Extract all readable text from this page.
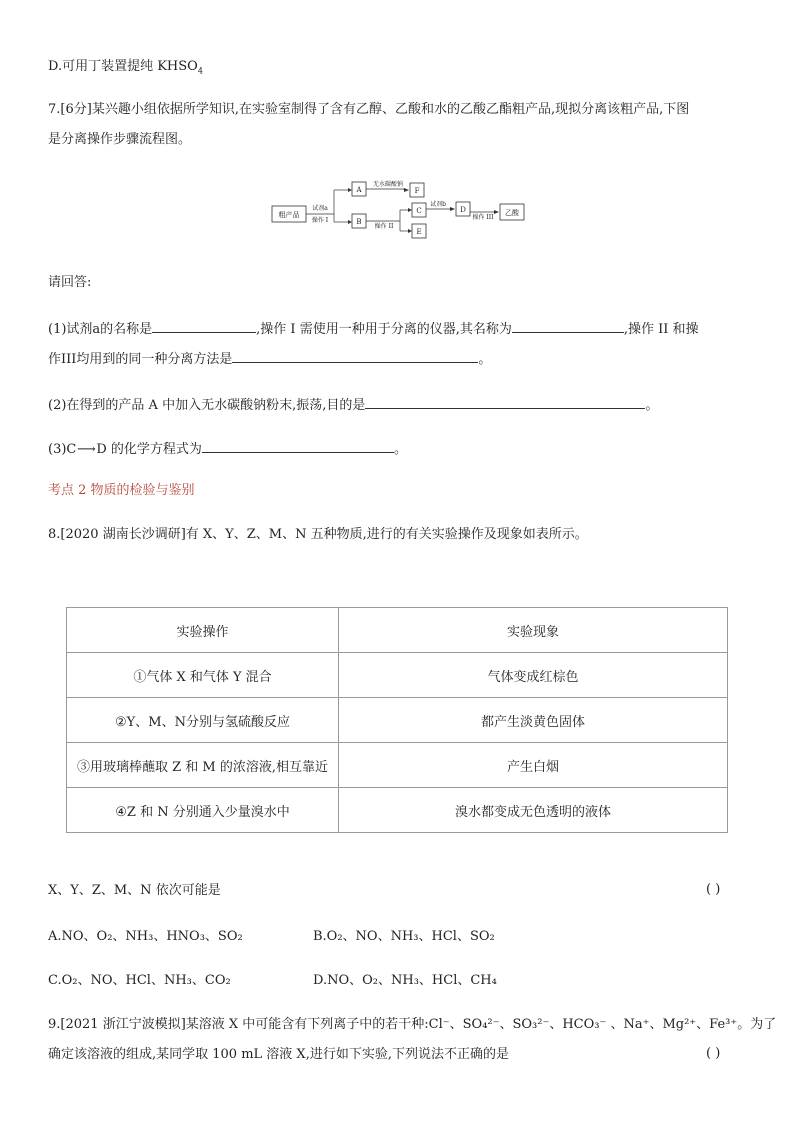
D.可用丁装置提纯 $KHSO_4$
7.[6分]某兴趣小组依据所学知识,在实验室制得了含有乙醇、乙酸和水的乙酸乙酯粗产品,现拟分离该粗产品,下图
是分离操作步骤流程图。
粗产品
试剂a
操作 I
A
B
无水碳酸钠
F
操作 II
C
E
试剂b
D
操作 III
乙酸
请回答:
(1)试剂a的名称是	,操作 I 需使用一种用于分离的仪器,其名称为	,操作 II 和操
作III均用到的同一种分离方法是	。
(2)在得到的产品 A 中加入无水碳酸钠粉末,振荡,目的是	。
(3)C⟶D 的化学方程式为	。
考点 2 物质的检验与鉴别
8.[2020 湖南长沙调研]有 X、Y、Z、M、N 五种物质,进行的有关实验操作及现象如表所示。
实验操作	实验现象
①气体 X 和气体 Y 混合	气体变成红棕色
②Y、M、N分别与氢硫酸反应	都产生淡黄色固体
③用玻璃棒蘸取 Z 和 M 的浓溶液,相互靠近	产生白烟
④Z 和 N 分别通入少量溴水中	溴水都变成无色透明的液体
X、Y、Z、M、N 依次可能是	( )
A.NO、O₂、NH₃、HNO₃、SO₂	B.O₂、NO、NH₃、HCl、SO₂
C.O₂、NO、HCl、NH₃、CO₂	D.NO、O₂、NH₃、HCl、CH₄
9.[2021 浙江宁波模拟]某溶液 X 中可能含有下列离子中的若干种:Cl⁻、SO₄²⁻、SO₃²⁻、HCO₃⁻ 、Na⁺、Mg²⁺、Fe³⁺。为了
确定该溶液的组成,某同学取 100 mL 溶液 X,进行如下实验,下列说法不正确的是	( )
